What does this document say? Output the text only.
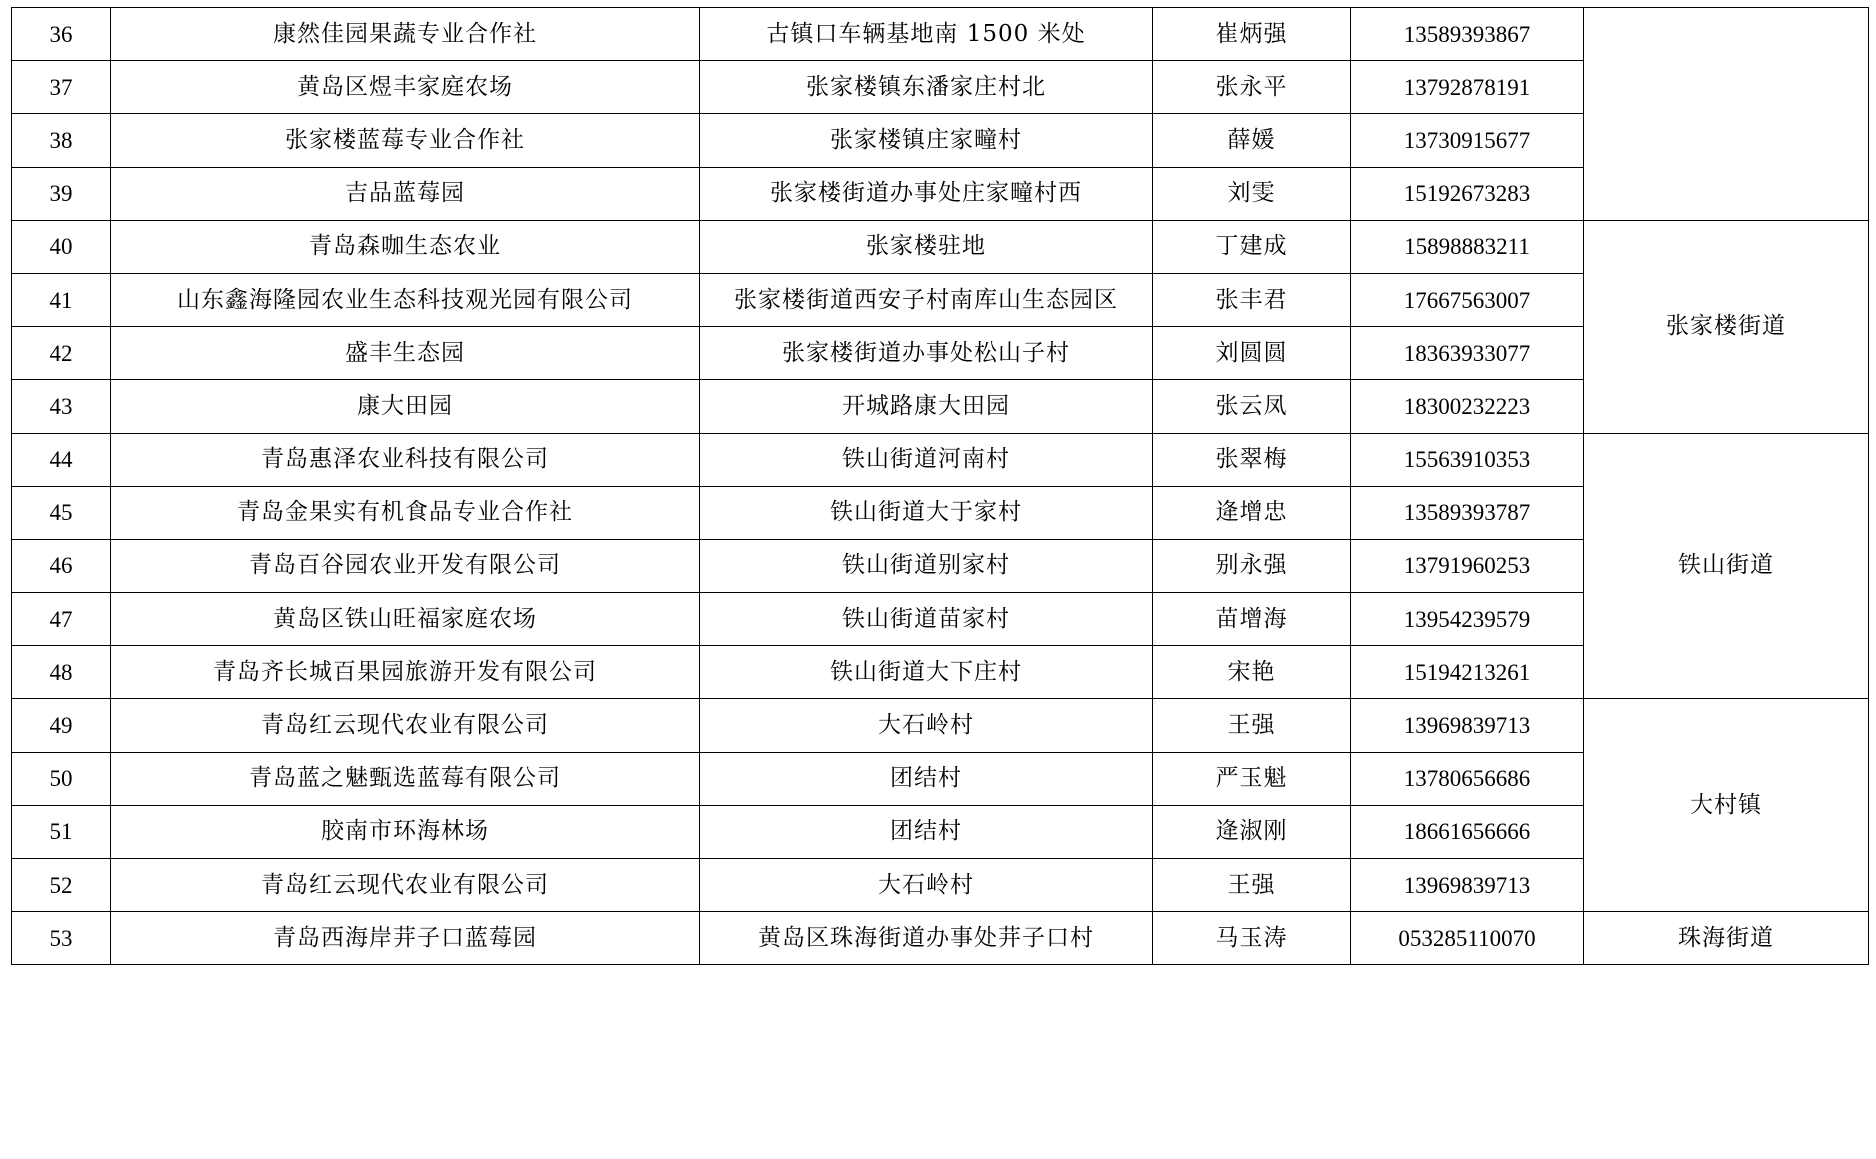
36	康然佳园果蔬专业合作社	古镇口车辆基地南 1500 米处	崔炳强	13589393867	
37	黄岛区煜丰家庭农场	张家楼镇东潘家庄村北	张永平	13792878191	
38	张家楼蓝莓专业合作社	张家楼镇庄家疃村	薛媛	13730915677	
39	吉品蓝莓园	张家楼街道办事处庄家疃村西	刘雯	15192673283	
40	青岛森咖生态农业	张家楼驻地	丁建成	15898883211	张家楼街道
41	山东鑫海隆园农业生态科技观光园有限公司	张家楼街道西安子村南库山生态园区	张丰君	17667563007	
42	盛丰生态园	张家楼街道办事处松山子村	刘圆圆	18363933077	
43	康大田园	开城路康大田园	张云凤	18300232223	
44	青岛惠泽农业科技有限公司	铁山街道河南村	张翠梅	15563910353	铁山街道
45	青岛金果实有机食品专业合作社	铁山街道大于家村	逄增忠	13589393787	
46	青岛百谷园农业开发有限公司	铁山街道别家村	别永强	13791960253	
47	黄岛区铁山旺福家庭农场	铁山街道苗家村	苗增海	13954239579	
48	青岛齐长城百果园旅游开发有限公司	铁山街道大下庄村	宋艳	15194213261	
49	青岛红云现代农业有限公司	大石岭村	王强	13969839713	大村镇
50	青岛蓝之魅甄选蓝莓有限公司	团结村	严玉魁	13780656686	
51	胶南市环海林场	团结村	逄淑刚	18661656666	
52	青岛红云现代农业有限公司	大石岭村	王强	13969839713	
53	青岛西海岸茾子口蓝莓园	黄岛区珠海街道办事处茾子口村	马玉涛	053285110070	珠海街道
